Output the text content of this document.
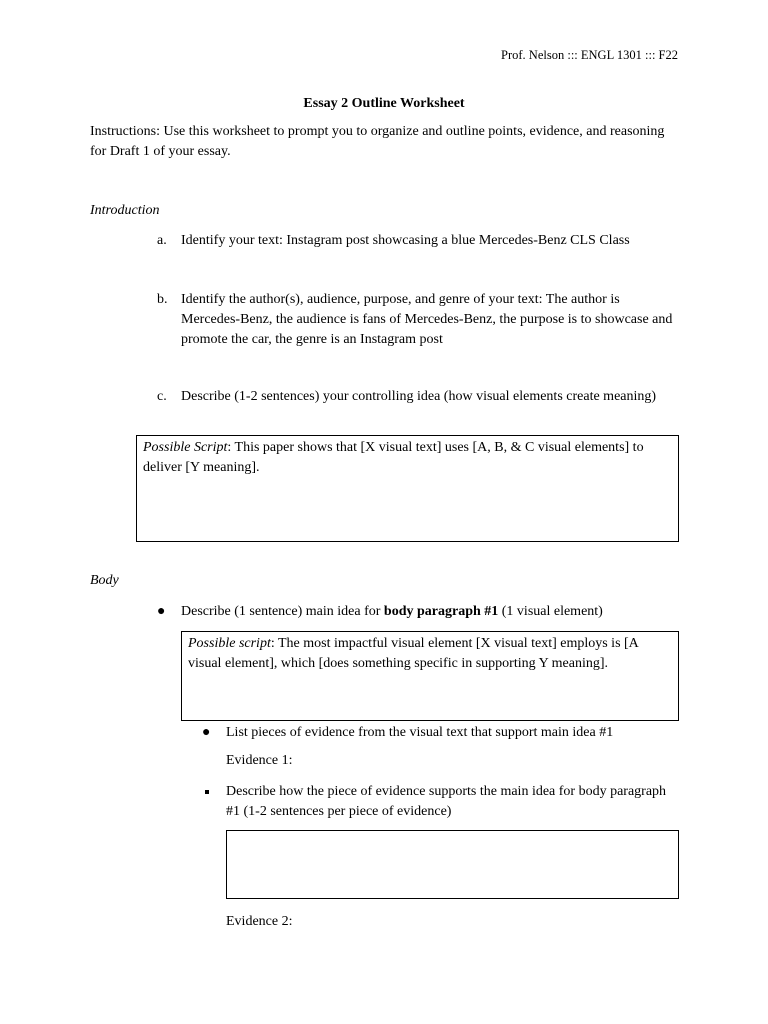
Prof. Nelson ::: ENGL 1301 ::: F22
Essay 2 Outline Worksheet
Instructions: Use this worksheet to prompt you to organize and outline points, evidence, and reasoning for Draft 1 of your essay.
Introduction
a. Identify your text: Instagram post showcasing a blue Mercedes-Benz CLS Class
b. Identify the author(s), audience, purpose, and genre of your text: The author is Mercedes-Benz, the audience is fans of Mercedes-Benz, the purpose is to showcase and promote the car, the genre is an Instagram post
c. Describe (1-2 sentences) your controlling idea (how visual elements create meaning)
Possible Script: This paper shows that [X visual text] uses [A, B, & C visual elements] to deliver [Y meaning].
Body
● Describe (1 sentence) main idea for body paragraph #1 (1 visual element)
Possible script: The most impactful visual element [X visual text] employs is [A visual element], which [does something specific in supporting Y meaning].
● List pieces of evidence from the visual text that support main idea #1
Evidence 1:
Describe how the piece of evidence supports the main idea for body paragraph #1 (1-2 sentences per piece of evidence)
Evidence 2:
